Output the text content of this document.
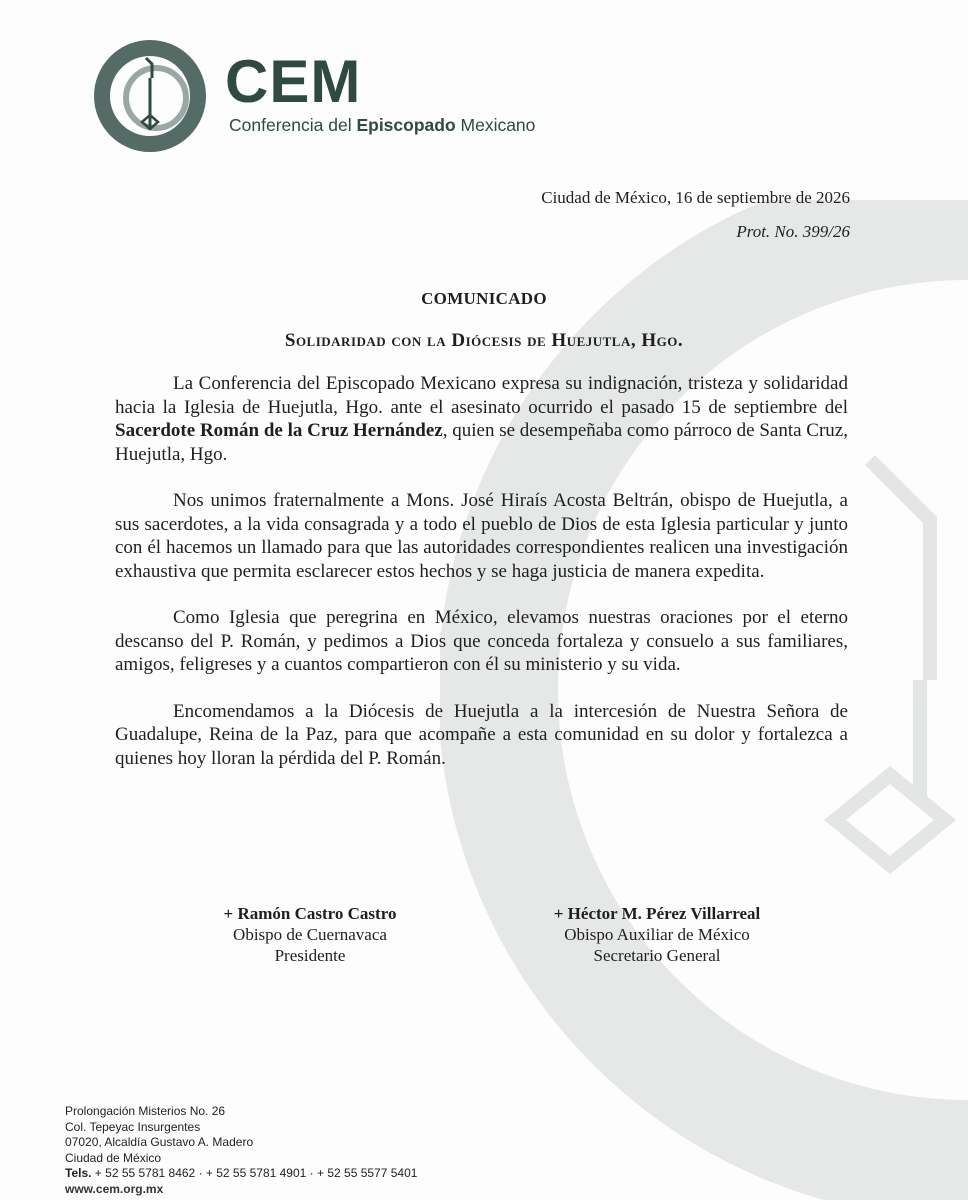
CEM
Conferencia del Episcopado Mexicano
Ciudad de México, 16 de septiembre de 2026
Prot. No. 399/26
COMUNICADO
Solidaridad con la Diócesis de Huejutla, Hgo.

La Conferencia del Episcopado Mexicano expresa su indignación, tristeza y solidaridad hacia la Iglesia de Huejutla, Hgo. ante el asesinato ocurrido el pasado 15 de septiembre del Sacerdote Román de la Cruz Hernández, quien se desempeñaba como párroco de Santa Cruz, Huejutla, Hgo.

Nos unimos fraternalmente a Mons. José Hiraís Acosta Beltrán, obispo de Huejutla, a sus sacerdotes, a la vida consagrada y a todo el pueblo de Dios de esta Iglesia particular y junto con él hacemos un llamado para que las autoridades correspondientes realicen una investigación exhaustiva que permita esclarecer estos hechos y se haga justicia de manera expedita.

Como Iglesia que peregrina en México, elevamos nuestras oraciones por el eterno descanso del P. Román, y pedimos a Dios que conceda fortaleza y consuelo a sus familiares, amigos, feligreses y a cuantos compartieron con él su ministerio y su vida.

Encomendamos a la Diócesis de Huejutla a la intercesión de Nuestra Señora de Guadalupe, Reina de la Paz, para que acompañe a esta comunidad en su dolor y fortalezca a quienes hoy lloran la pérdida del P. Román.

+ Ramón Castro Castro
Obispo de Cuernavaca
Presidente
+ Héctor M. Pérez Villarreal
Obispo Auxiliar de México
Secretario General
Prolongación Misterios No. 26
Col. Tepeyac Insurgentes
07020, Alcaldía Gustavo A. Madero
Ciudad de México
Tels. + 52 55 5781 8462 · + 52 55 5781 4901 · + 52 55 5577 5401
www.cem.org.mx
